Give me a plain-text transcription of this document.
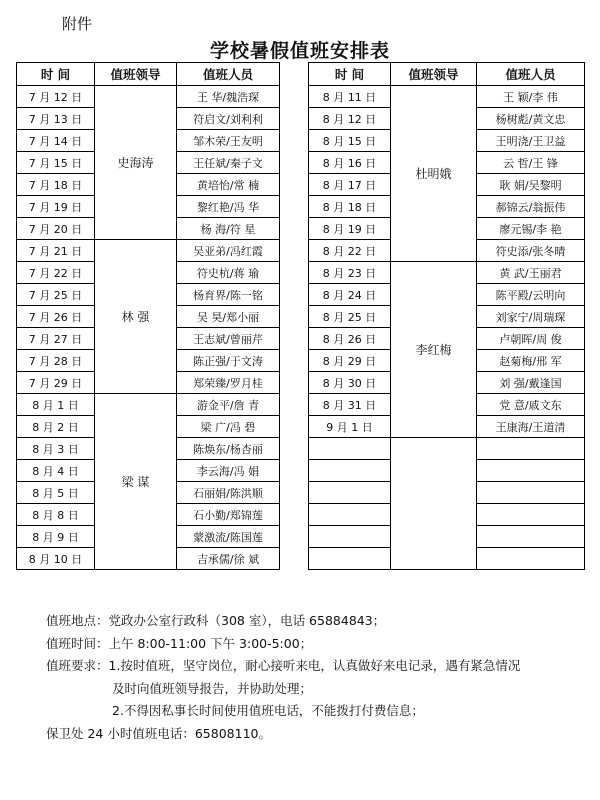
附件
学校暑假值班安排表
时 间	值班领导	值班人员
7 月 12 日	史海涛	王 华/魏浩琛
7 月 13 日		符启文/刘利利
7 月 14 日		邹木荣/王友明
7 月 15 日		王任斌/秦子文
7 月 18 日		黄培怡/常 楠
7 月 19 日		黎红艳/冯 华
7 月 20 日		杨 海/符 星
7 月 21 日	林 强	吴亚弟/冯红霞
7 月 22 日		符史杭/蒋 瑜
7 月 25 日		杨育界/陈一铭
7 月 26 日		吴 昊/郑小丽
7 月 27 日		王志斌/曾丽芹
7 月 28 日		陈正强/于文涛
7 月 29 日		郑荣臻/罗月桂
8 月 1 日	梁 谋	游金平/詹 青
8 月 2 日		梁 广/冯 碧
8 月 3 日		陈焕东/杨杏丽
8 月 4 日		李云海/冯 娟
8 月 5 日		石丽娟/陈洪顺
8 月 8 日		石小勤/郑锦莲
8 月 9 日		蒙激流/陈国莲
8 月 10 日		吉承儒/徐 斌
时 间	值班领导	值班人员
8 月 11 日	杜明娥	王 颖/李 伟
8 月 12 日		杨树彪/黄文忠
8 月 15 日		王明浇/王卫益
8 月 16 日		云 哲/王 锋
8 月 17 日		耿 娟/吴黎明
8 月 18 日		郝锦云/翁振伟
8 月 19 日		廖元锡/李 艳
8 月 22 日		符史添/张冬晴
8 月 23 日	李红梅	黄 武/王丽君
8 月 24 日		陈平殿/云明向
8 月 25 日		刘家宁/周瑞琛
8 月 26 日		卢朝晖/周 俊
8 月 29 日		赵菊梅/邢 军
8 月 30 日		刘 强/戴逢国
8 月 31 日		党 意/戚文东
9 月 1 日		王康海/王道清

值班地点：党政办公室行政科（308 室），电话 65884843；
值班时间：上午 8:00-11:00 下午 3:00-5:00；
值班要求：1.按时值班，坚守岗位，耐心接听来电，认真做好来电记录，遇有紧急情况
及时向值班领导报告，并协助处理；
2.不得因私事长时间使用值班电话，不能拨打付费信息；
保卫处 24 小时值班电话：65808110。
